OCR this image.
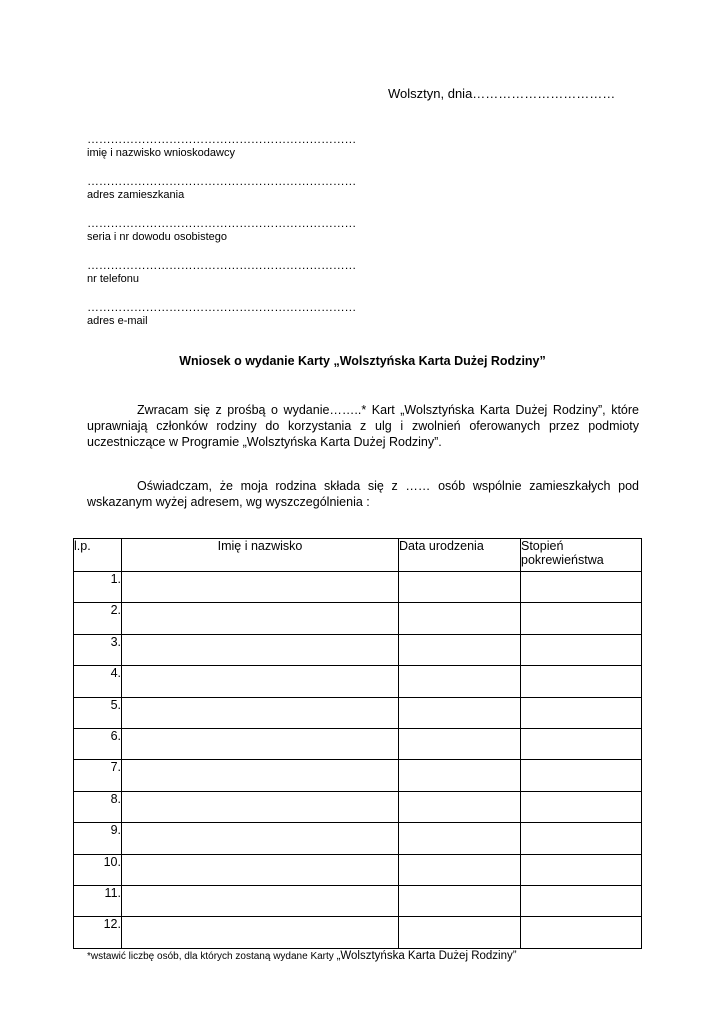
Wolsztyn, dnia……………………………
……………………………………………………………
imię i nazwisko wnioskodawcy
……………………………………………………………
adres zamieszkania
……………………………………………………………
seria i nr dowodu osobistego
……………………………………………………………
nr telefonu
……………………………………………………………
adres e-mail
Wniosek o wydanie Karty „Wolsztyńska Karta Dużej Rodziny”

Zwracam się z prośbą o wydanie……..* Kart „Wolsztyńska Karta Dużej Rodziny”, które uprawniają członków rodziny do korzystania z ulg i zwolnień oferowanych przez podmioty uczestniczące w Programie „Wolsztyńska Karta Dużej Rodziny”.

Oświadczam, że moja rodzina składa się z …… osób wspólnie zamieszkałych pod wskazanym wyżej adresem, wg wyszczególnienia :

l.p.	Imię i nazwisko	Data urodzenia	Stopień
pokrewieństwa

1.			
2.			
3.			
4.			
5.			
6.			
7.			
8.			
9.			
10.			
11.			
12.			
*wstawić liczbę osób, dla których zostaną wydane Karty „Wolsztyńska Karta Dużej Rodziny”
